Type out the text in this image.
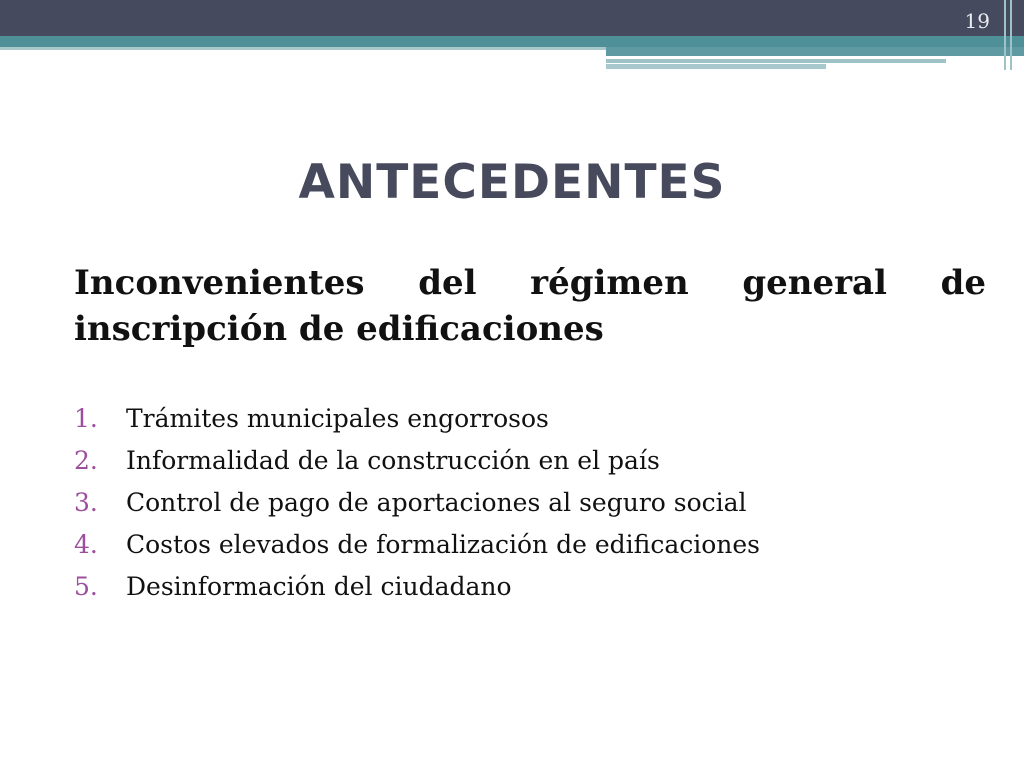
19
ANTECEDENTES
Inconvenientes del régimen general de inscripción de edificaciones
1. Trámites municipales engorrosos
2. Informalidad de la construcción en el país
3. Control de pago de aportaciones al seguro social
4. Costos elevados de formalización de edificaciones
5. Desinformación del ciudadano
